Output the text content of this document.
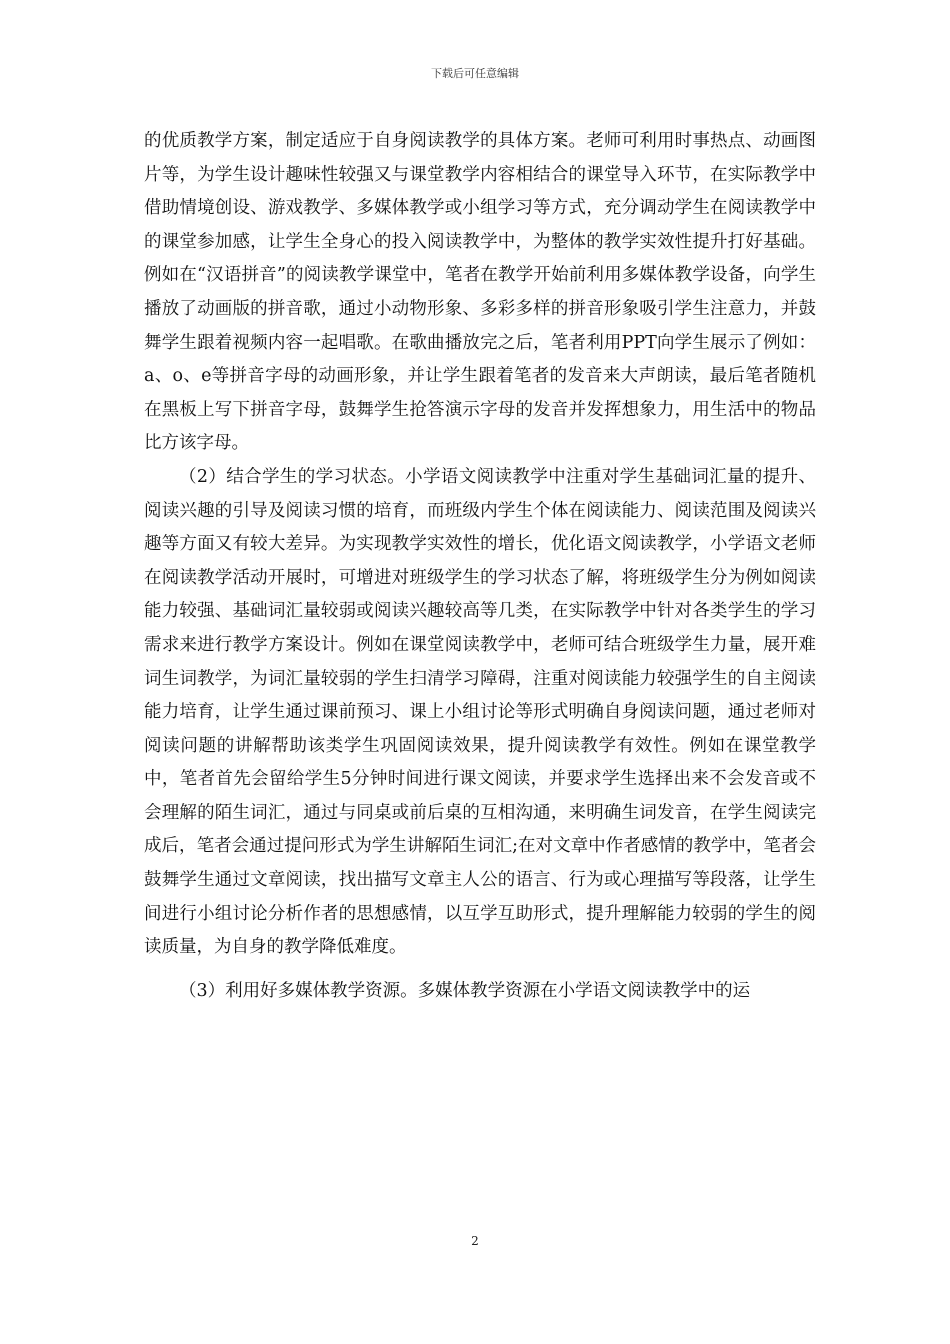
下载后可任意编辑

的优质教学方案，制定适应于自身阅读教学的具体方案。老师可利用时事热点、动画图片等，为学生设计趣味性较强又与课堂教学内容相结合的课堂导入环节，在实际教学中借助情境创设、游戏教学、多媒体教学或小组学习等方式，充分调动学生在阅读教学中的课堂参加感，让学生全身心的投入阅读教学中，为整体的教学实效性提升打好基础。例如在“汉语拼音”的阅读教学课堂中，笔者在教学开始前利用多媒体教学设备，向学生播放了动画版的拼音歌，通过小动物形象、多彩多样的拼音形象吸引学生注意力，并鼓舞学生跟着视频内容一起唱歌。在歌曲播放完之后，笔者利用PPT向学生展示了例如：a、o、e等拼音字母的动画形象，并让学生跟着笔者的发音来大声朗读，最后笔者随机在黑板上写下拼音字母，鼓舞学生抢答演示字母的发音并发挥想象力，用生活中的物品比方该字母。

（2）结合学生的学习状态。小学语文阅读教学中注重对学生基础词汇量的提升、阅读兴趣的引导及阅读习惯的培育，而班级内学生个体在阅读能力、阅读范围及阅读兴趣等方面又有较大差异。为实现教学实效性的增长，优化语文阅读教学，小学语文老师在阅读教学活动开展时，可增进对班级学生的学习状态了解，将班级学生分为例如阅读能力较强、基础词汇量较弱或阅读兴趣较高等几类，在实际教学中针对各类学生的学习需求来进行教学方案设计。例如在课堂阅读教学中，老师可结合班级学生力量，展开难词生词教学，为词汇量较弱的学生扫清学习障碍，注重对阅读能力较强学生的自主阅读能力培育，让学生通过课前预习、课上小组讨论等形式明确自身阅读问题，通过老师对阅读问题的讲解帮助该类学生巩固阅读效果，提升阅读教学有效性。例如在课堂教学中，笔者首先会留给学生5分钟时间进行课文阅读，并要求学生选择出来不会发音或不会理解的陌生词汇，通过与同桌或前后桌的互相沟通，来明确生词发音，在学生阅读完成后，笔者会通过提问形式为学生讲解陌生词汇;在对文章中作者感情的教学中，笔者会鼓舞学生通过文章阅读，找出描写文章主人公的语言、行为或心理描写等段落，让学生间进行小组讨论分析作者的思想感情，以互学互助形式，提升理解能力较弱的学生的阅读质量，为自身的教学降低难度。

（3）利用好多媒体教学资源。多媒体教学资源在小学语文阅读教学中的运

2
